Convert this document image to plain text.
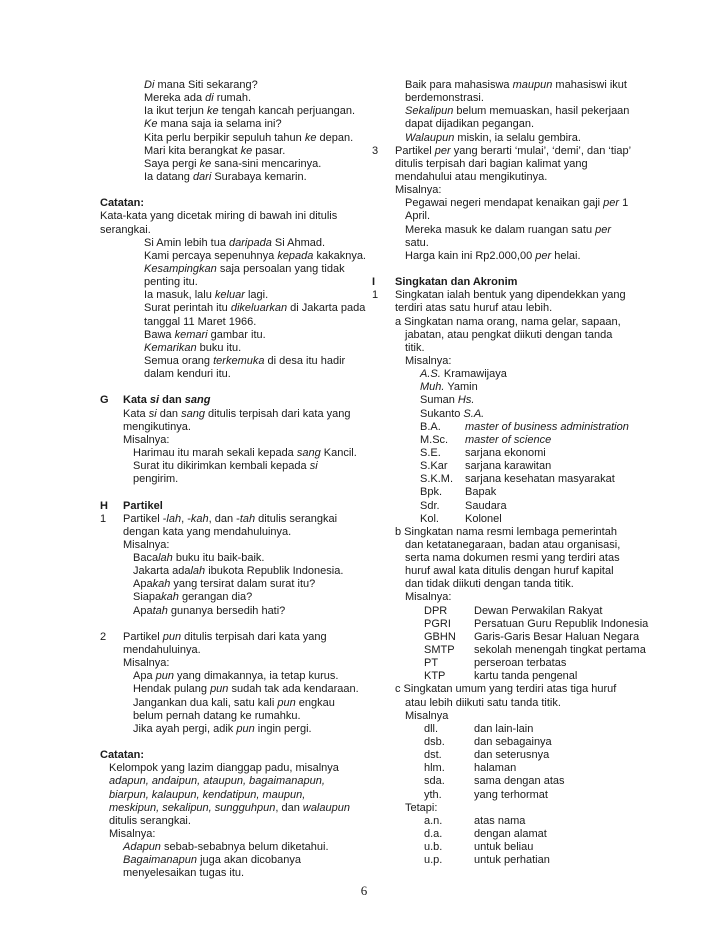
Di mana Siti sekarang?
Mereka ada di rumah.
Ia ikut terjun ke tengah kancah perjuangan.
Ke mana saja ia selama ini?
Kita perlu berpikir sepuluh tahun ke depan.
Mari kita berangkat ke pasar.
Saya pergi ke sana-sini mencarinya.
Ia datang dari Surabaya kemarin.
Catatan:
Kata-kata yang dicetak miring di bawah ini ditulis
serangkai.
Si Amin lebih tua daripada Si Ahmad.
Kami percaya sepenuhnya kepada kakaknya.
Kesampingkan saja persoalan yang tidak
penting itu.
Ia masuk, lalu keluar lagi.
Surat perintah itu dikeluarkan di Jakarta pada
tanggal 11 Maret 1966.
Bawa kemari gambar itu.
Kemarikan buku itu.
Semua orang terkemuka di desa itu hadir
dalam kenduri itu.
G Kata si dan sang
Kata si dan sang ditulis terpisah dari kata yang
mengikutinya.
Misalnya:
Harimau itu marah sekali kepada sang Kancil.
Surat itu dikirimkan kembali kepada si
pengirim.
H Partikel
1 Partikel -lah, -kah, dan -tah ditulis serangkai
dengan kata yang mendahuluinya.
Misalnya:
Bacalah buku itu baik-baik.
Jakarta adalah ibukota Republik Indonesia.
Apakah yang tersirat dalam surat itu?
Siapakah gerangan dia?
Apatah gunanya bersedih hati?
2 Partikel pun ditulis terpisah dari kata yang
mendahuluinya.
Misalnya:
Apa pun yang dimakannya, ia tetap kurus.
Hendak pulang pun sudah tak ada kendaraan.
Jangankan dua kali, satu kali pun engkau
belum pernah datang ke rumahku.
Jika ayah pergi, adik pun ingin pergi.
Catatan:
Kelompok yang lazim dianggap padu, misalnya
adapun, andaipun, ataupun, bagaimanapun,
biarpun, kalaupun, kendatipun, maupun,
meskipun, sekalipun, sungguhpun, dan walaupun
ditulis serangkai.
Misalnya:
Adapun sebab-sebabnya belum diketahui.
Bagaimanapun juga akan dicobanya
menyelesaikan tugas itu.
Baik para mahasiswa maupun mahasiswi ikut
berdemonstrasi.
Sekalipun belum memuaskan, hasil pekerjaan
dapat dijadikan pegangan.
Walaupun miskin, ia selalu gembira.
3 Partikel per yang berarti ‘mulai’, ‘demi’, dan ‘tiap’
ditulis terpisah dari bagian kalimat yang
mendahului atau mengikutinya.
Misalnya:
Pegawai negeri mendapat kenaikan gaji per 1
April.
Mereka masuk ke dalam ruangan satu per
satu.
Harga kain ini Rp2.000,00 per helai.
I Singkatan dan Akronim
1 Singkatan ialah bentuk yang dipendekkan yang
terdiri atas satu huruf atau lebih.
a Singkatan nama orang, nama gelar, sapaan,
jabatan, atau pengkat diikuti dengan tanda
titik.
Misalnya:
A.S. Kramawijaya
Muh. Yamin
Suman Hs.
Sukanto S.A.
B.A. master of business administration
M.Sc. master of science
S.E. sarjana ekonomi
S.Kar sarjana karawitan
S.K.M. sarjana kesehatan masyarakat
Bpk. Bapak
Sdr. Saudara
Kol. Kolonel
b Singkatan nama resmi lembaga pemerintah
dan ketatanegaraan, badan atau organisasi,
serta nama dokumen resmi yang terdiri atas
huruf awal kata ditulis dengan huruf kapital
dan tidak diikuti dengan tanda titik.
Misalnya:
DPR Dewan Perwakilan Rakyat
PGRI Persatuan Guru Republik Indonesia
GBHN Garis-Garis Besar Haluan Negara
SMTP sekolah menengah tingkat pertama
PT	perseroan terbatas
KTP	kartu tanda pengenal
c Singkatan umum yang terdiri atas tiga huruf
atau lebih diikuti satu tanda titik.
Misalnya
dll.	dan lain-lain
dsb.	dan sebagainya
dst.	dan seterusnya
hlm.	halaman
sda.	sama dengan atas
yth.	yang terhormat
Tetapi:
a.n.	atas nama
d.a.	dengan alamat
u.b.	untuk beliau
u.p.	untuk perhatian
6
